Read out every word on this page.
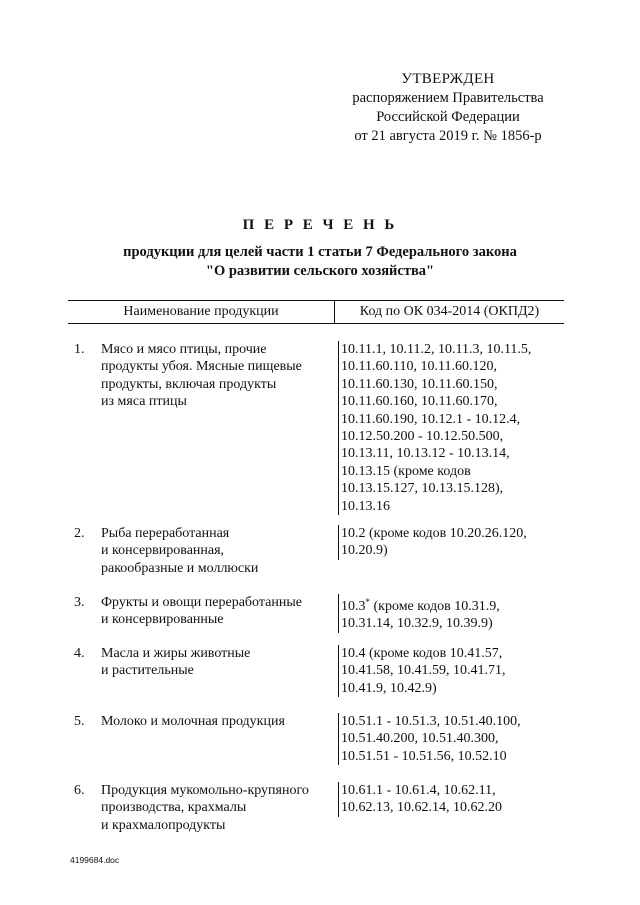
УТВЕРЖДЕН
распоряжением Правительства
Российской Федерации
от 21 августа 2019 г. № 1856-р
П Е Р Е Ч Е Н Ь
продукции для целей части 1 статьи 7 Федерального закона
"О развитии сельского хозяйства"
Наименование продукции	Код по ОК 034-2014 (ОКПД2)
1. Мясо и мясо птицы, прочие
продукты убоя. Мясные пищевые
продукты, включая продукты
из мяса птицы
10.11.1, 10.11.2, 10.11.3, 10.11.5,
10.11.60.110, 10.11.60.120,
10.11.60.130, 10.11.60.150,
10.11.60.160, 10.11.60.170,
10.11.60.190, 10.12.1 - 10.12.4,
10.12.50.200 - 10.12.50.500,
10.13.11, 10.13.12 - 10.13.14,
10.13.15 (кроме кодов
10.13.15.127, 10.13.15.128),
10.13.16
2. Рыба переработанная
и консервированная,
ракообразные и моллюски
10.2 (кроме кодов 10.20.26.120,
10.20.9)
3. Фрукты и овощи переработанные
и консервированные
10.3* (кроме кодов 10.31.9,
10.31.14, 10.32.9, 10.39.9)
4. Масла и жиры животные
и растительные
10.4 (кроме кодов 10.41.57,
10.41.58, 10.41.59, 10.41.71,
10.41.9, 10.42.9)
5. Молоко и молочная продукция	10.51.1 - 10.51.3, 10.51.40.100,
10.51.40.200, 10.51.40.300,
10.51.51 - 10.51.56, 10.52.10
6. Продукция мукомольно-крупяного
производства, крахмалы
и крахмалопродукты
10.61.1 - 10.61.4, 10.62.11,
10.62.13, 10.62.14, 10.62.20
4199684.doc
